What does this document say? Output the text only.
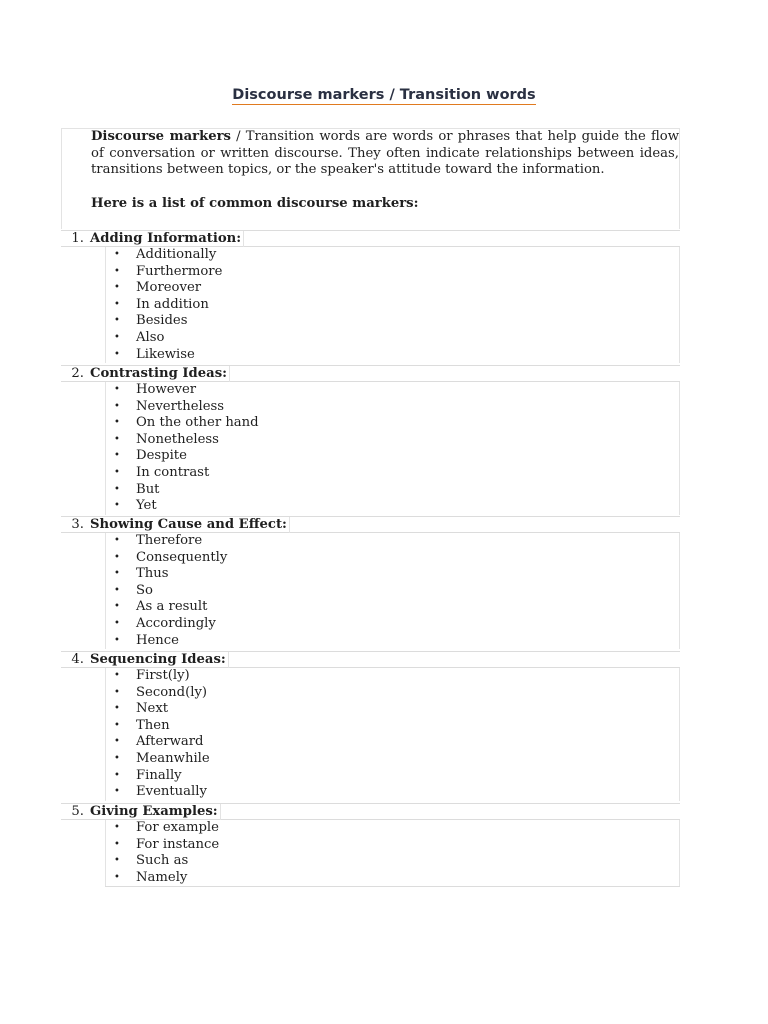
Discourse markers / Transition words
Discourse markers / Transition words are words or phrases that help guide the flow of conversation or written discourse. They often indicate relationships between ideas, transitions between topics, or the speaker's attitude toward the information.
Here is a list of common discourse markers:
1. Adding Information:
• Additionally
• Furthermore
• Moreover
• In addition
• Besides
• Also
• Likewise
2. Contrasting Ideas:
• However
• Nevertheless
• On the other hand
• Nonetheless
• Despite
• In contrast
• But
• Yet
3. Showing Cause and Effect:
• Therefore
• Consequently
• Thus
• So
• As a result
• Accordingly
• Hence
4. Sequencing Ideas:
• First(ly)
• Second(ly)
• Next
• Then
• Afterward
• Meanwhile
• Finally
• Eventually
5. Giving Examples:
• For example
• For instance
• Such as
• Namely
